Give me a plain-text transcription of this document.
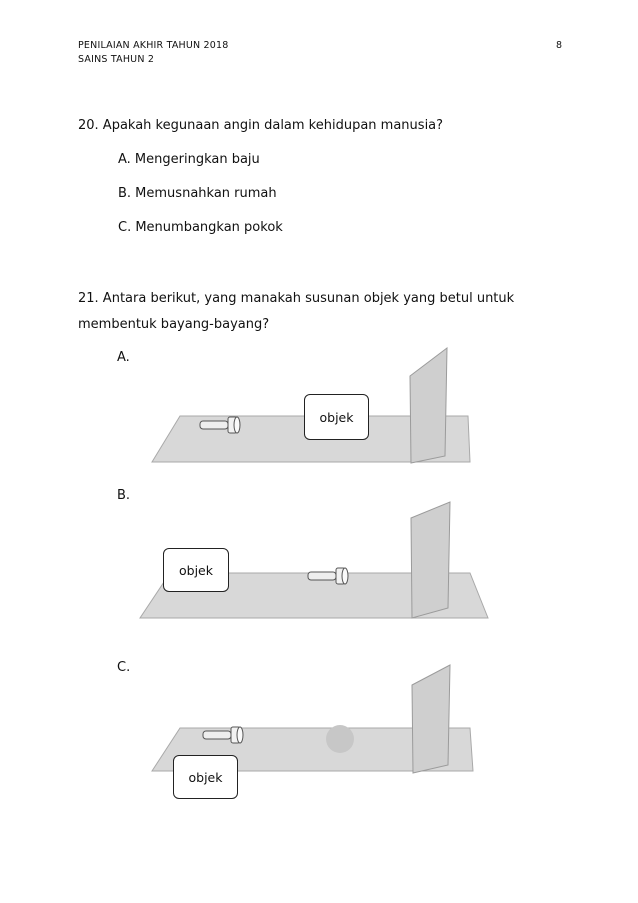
PENILAIAN AKHIR TAHUN 2018
SAINS TAHUN 2
8
20. Apakah kegunaan angin dalam kehidupan manusia?
A. Mengeringkan baju
B. Memusnahkan rumah
C. Menumbangkan pokok
21. Antara berikut, yang manakah susunan objek yang betul untuk
membentuk bayang-bayang?
A.
objek
B.
objek
C.
objek
